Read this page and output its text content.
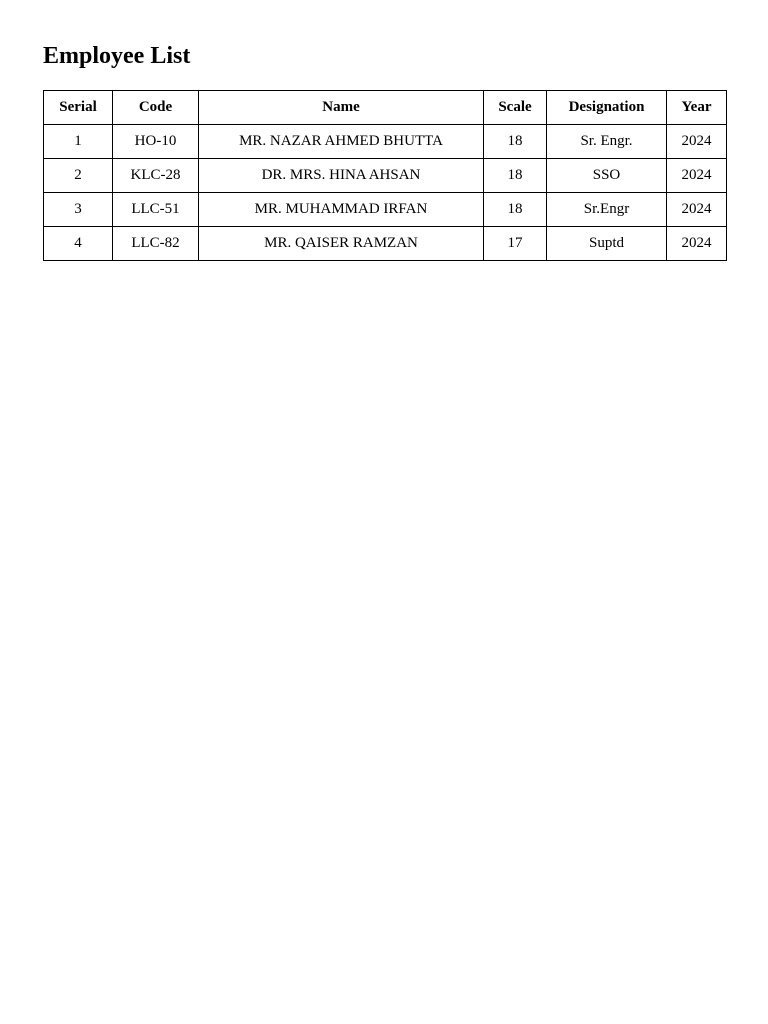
Employee List
Serial	Code	Name	Scale	Designation	Year
1	HO-10	MR. NAZAR AHMED BHUTTA	18	Sr. Engr.	2024
2	KLC-28	DR. MRS. HINA AHSAN	18	SSO	2024
3	LLC-51	MR. MUHAMMAD IRFAN	18	Sr.Engr	2024
4	LLC-82	MR. QAISER RAMZAN	17	Suptd	2024
